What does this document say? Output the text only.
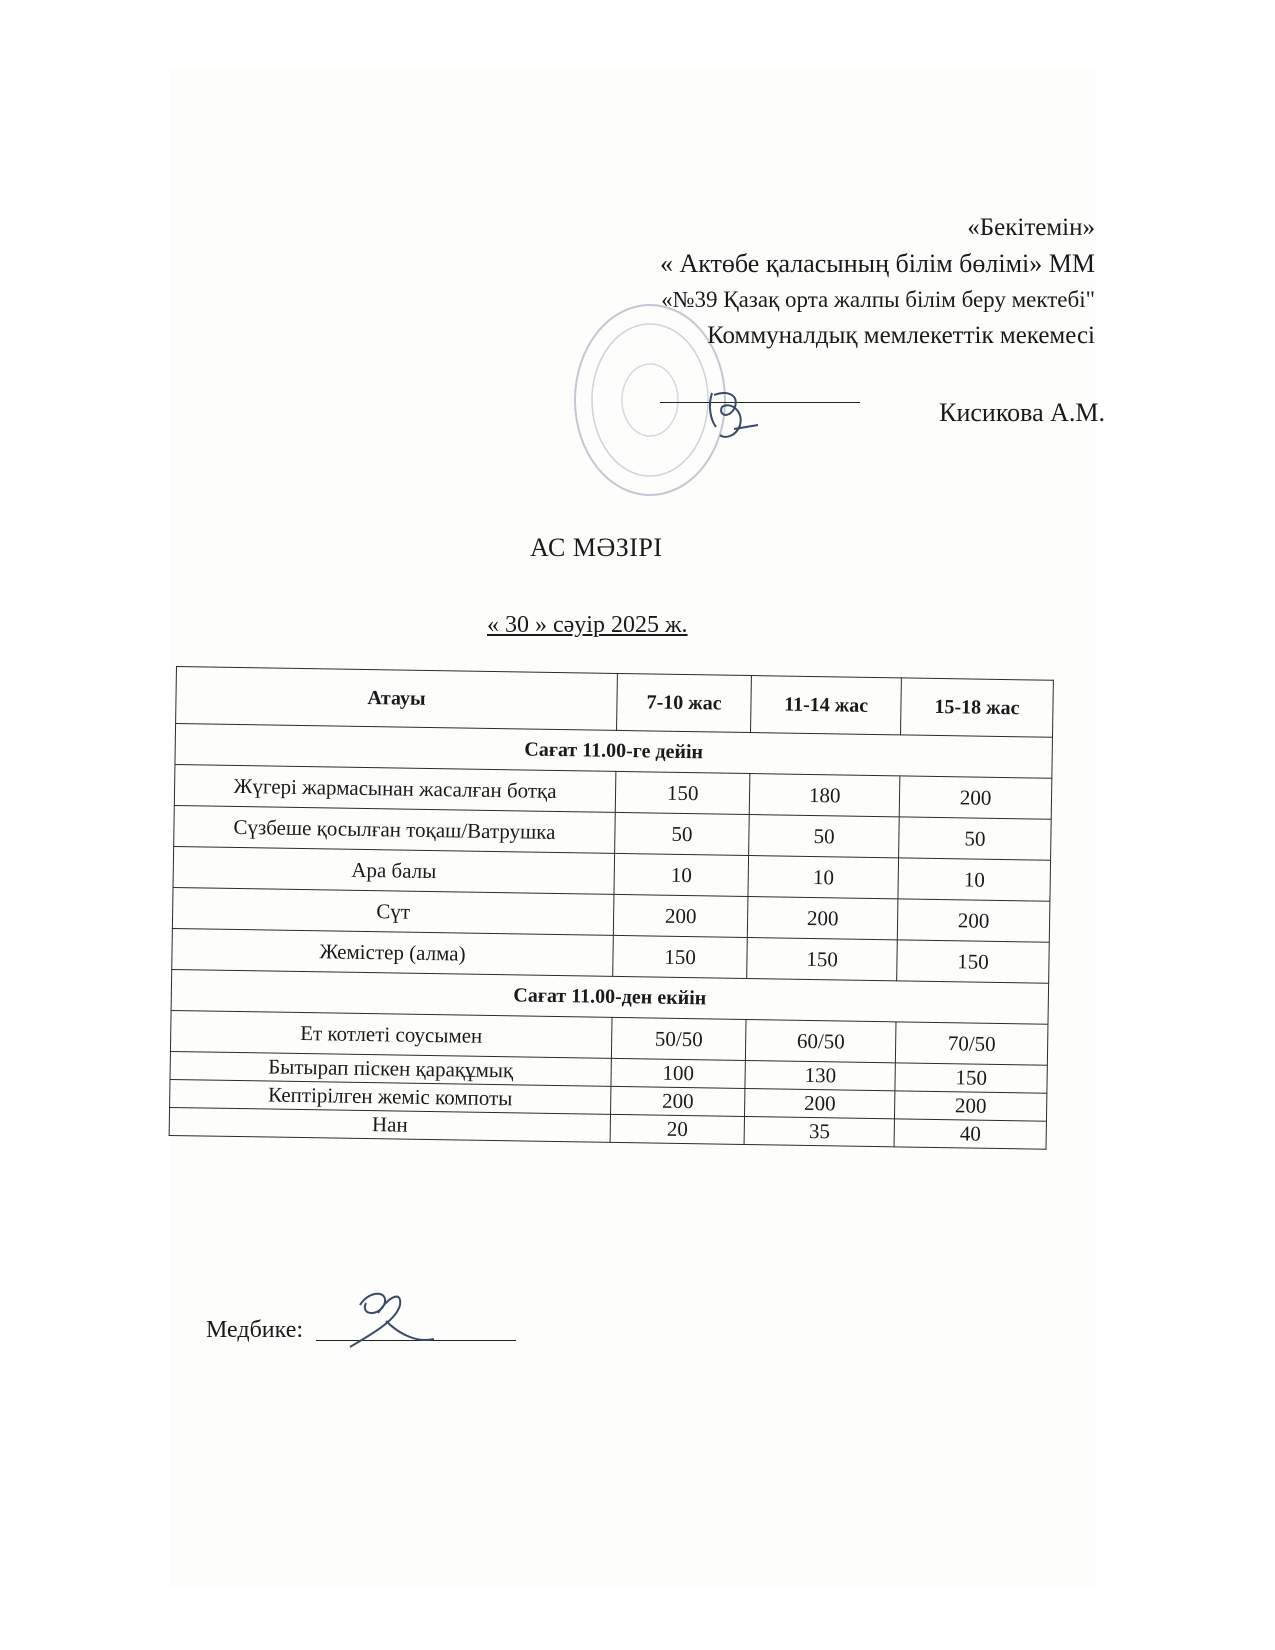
«Бекітемін»
« Актөбе қаласының білім бөлімі» ММ
«№39 Қазақ орта жалпы білім беру мектебі"
Коммуналдық мемлекеттік мекемесі
Кисикова А.М.
АС МӘЗІРІ
« 30 » сәуір 2025 ж.
Атауы	7-10 жас	11-14 жас	15-18 жас
Сағат 11.00-ге дейін			
Жүгері жармасынан жасалған ботқа	150	180	200
Сүзбеше қосылған тоқаш/Ватрушка	50	50	50
Ара балы	10	10	10
Сүт	200	200	200
Жемістер (алма)	150	150	150
Сағат 11.00-ден екйін			
Ет котлеті соусымен	50/50	60/50	70/50
Бытырап піскен қарақұмық	100	130	150
Кептірілген жеміс компоты	200	200	200
Нан	20	35	40
Медбике:
